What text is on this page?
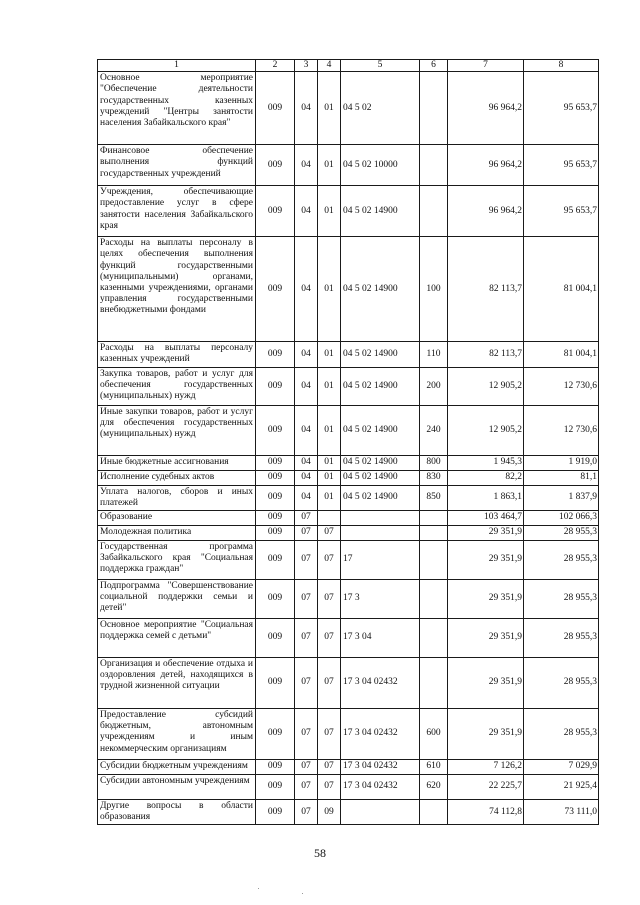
1	2	3	4	5	6	7	8
Основное мероприятие "Обеспечение деятельности государственных казенных учреждений "Центры занятости населения Забайкальского края"	009	04	01	04 5 02		96 964,2	95 653,7
Финансовое обеспечение выполнения функций государственных учреждений	009	04	01	04 5 02 10000		96 964,2	95 653,7
Учреждения, обеспечивающие предоставление услуг в сфере занятости населения Забайкальского края	009	04	01	04 5 02 14900		96 964,2	95 653,7
Расходы на выплаты персоналу в целях обеспечения выполнения функций государственными (муниципальными) органами, казенными учреждениями, органами управления государственными внебюджетными фондами	009	04	01	04 5 02 14900	100	82 113,7	81 004,1
Расходы на выплаты персоналу казенных учреждений	009	04	01	04 5 02 14900	110	82 113,7	81 004,1
Закупка товаров, работ и услуг для обеспечения государственных (муниципальных) нужд	009	04	01	04 5 02 14900	200	12 905,2	12 730,6
Иные закупки товаров, работ и услуг для обеспечения государственных (муниципальных) нужд	009	04	01	04 5 02 14900	240	12 905,2	12 730,6
Иные бюджетные ассигнования	009	04	01	04 5 02 14900	800	1 945,3	1 919,0
Исполнение судебных актов	009	04	01	04 5 02 14900	830	82,2	81,1
Уплата налогов, сборов и иных платежей	009	04	01	04 5 02 14900	850	1 863,1	1 837,9
Образование	009	07				103 464,7	102 066,3
Молодежная политика	009	07	07			29 351,9	28 955,3
Государственная программа Забайкальского края "Социальная поддержка граждан"	009	07	07	17		29 351,9	28 955,3
Подпрограмма "Совершенствование социальной поддержки семьи и детей"	009	07	07	17 3		29 351,9	28 955,3
Основное мероприятие "Социальная поддержка семей с детьми"	009	07	07	17 3 04		29 351,9	28 955,3
Организация и обеспечение отдыха и оздоровления детей, находящихся в трудной жизненной ситуации	009	07	07	17 3 04 02432		29 351,9	28 955,3
Предоставление субсидий бюджетным, автономным учреждениям и иным некоммерческим организациям	009	07	07	17 3 04 02432	600	29 351,9	28 955,3
Субсидии бюджетным учреждениям	009	07	07	17 3 04 02432	610	7 126,2	7 029,9
Субсидии автономным учреждениям	009	07	07	17 3 04 02432	620	22 225,7	21 925,4
Другие вопросы в области образования	009	07	09			74 112,8	73 111,0
58
